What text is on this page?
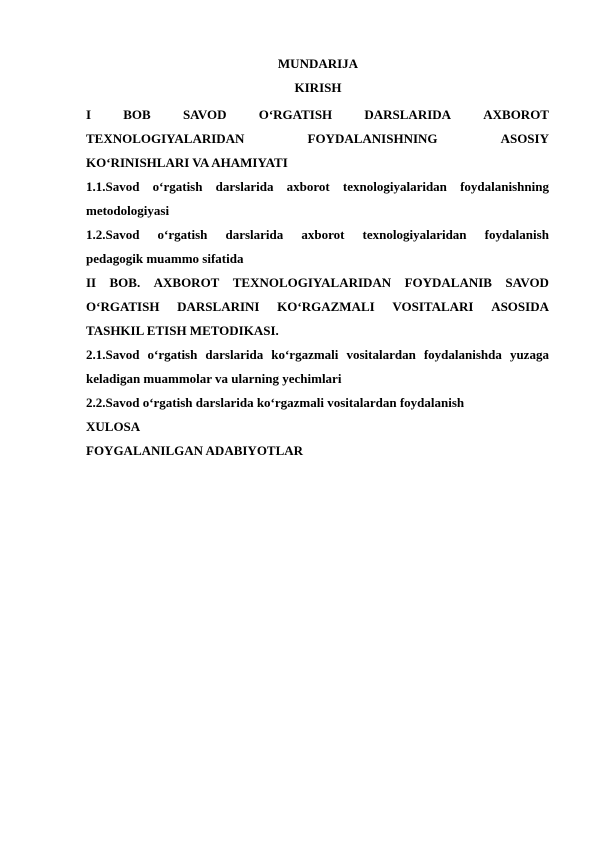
MUNDARIJA
KIRISH
I BOB SAVOD O‘RGATISH DARSLARIDA AXBOROT
TEXNOLOGIYALARIDAN	FOYDALANISHNING	ASOSIY
KO‘RINISHLARI VA AHAMIYATI
1.1.Savod o‘rgatish darslarida axborot texnologiyalaridan foydalanishning
metodologiyasi
1.2.Savod o‘rgatish darslarida axborot texnologiyalaridan foydalanish
pedagogik muammo sifatida
II BOB. AXBOROT TEXNOLOGIYALARIDAN FOYDALANIB SAVOD
O‘RGATISH DARSLARINI KO‘RGAZMALI VOSITALARI ASOSIDA
TASHKIL ETISH METODIKASI.
2.1.Savod o‘rgatish darslarida ko‘rgazmali vositalardan foydalanishda yuzaga
keladigan muammolar va ularning yechimlari
2.2.Savod o‘rgatish darslarida ko‘rgazmali vositalardan foydalanish
XULOSA
FOYGALANILGAN ADABIYOTLAR
